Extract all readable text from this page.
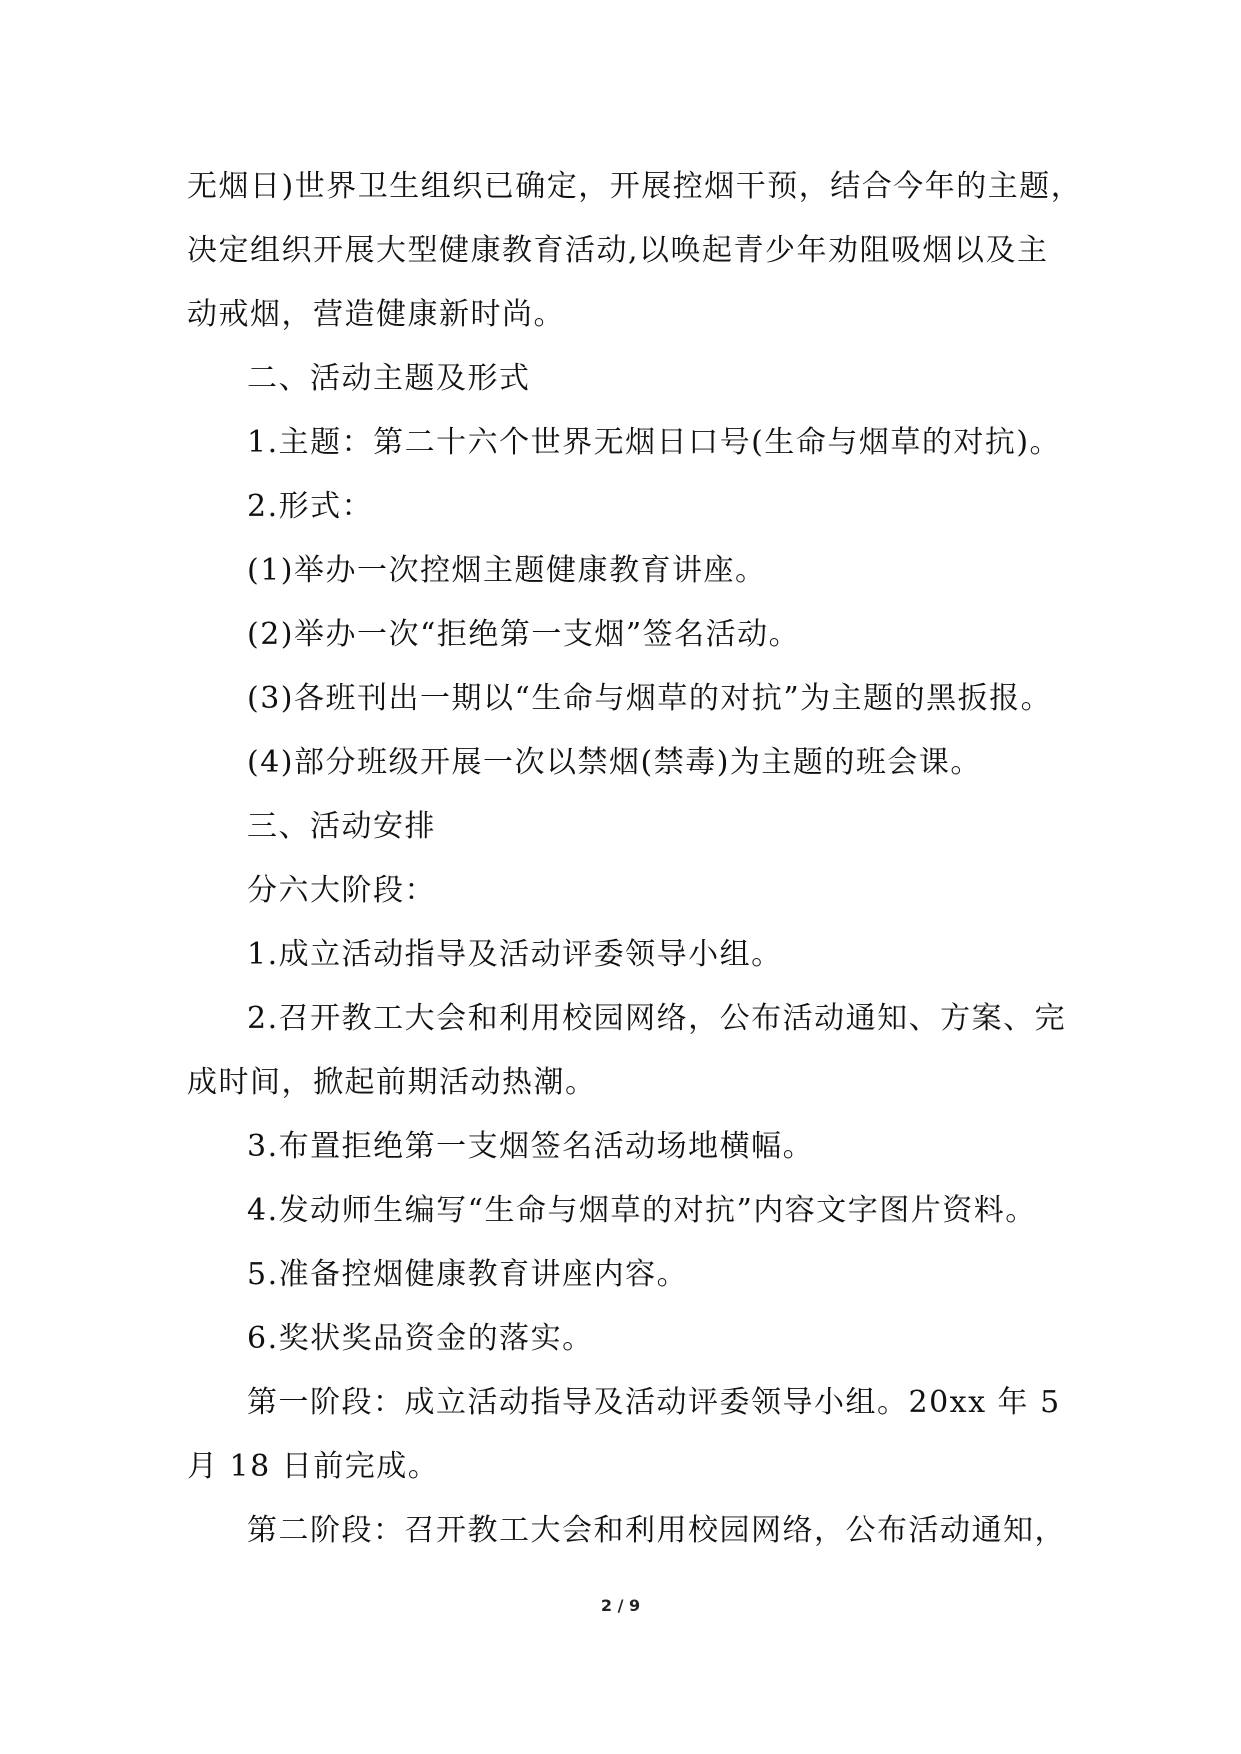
无烟日)世界卫生组织已确定，开展控烟干预，结合今年的主题，
决定组织开展大型健康教育活动,以唤起青少年劝阻吸烟以及主
动戒烟，营造健康新时尚。
二、活动主题及形式
1.主题：第二十六个世界无烟日口号(生命与烟草的对抗)。
2.形式：
(1)举办一次控烟主题健康教育讲座。
(2)举办一次“拒绝第一支烟”签名活动。
(3)各班刊出一期以“生命与烟草的对抗”为主题的黑扳报。
(4)部分班级开展一次以禁烟(禁毒)为主题的班会课。
三、活动安排
分六大阶段：
1.成立活动指导及活动评委领导小组。
2.召开教工大会和利用校园网络，公布活动通知、方案、完
成时间，掀起前期活动热潮。
3.布置拒绝第一支烟签名活动场地横幅。
4.发动师生编写“生命与烟草的对抗”内容文字图片资料。
5.准备控烟健康教育讲座内容。
6.奖状奖品资金的落实。
第一阶段：成立活动指导及活动评委领导小组。20xx 年 5
月 18 日前完成。
第二阶段：召开教工大会和利用校园网络，公布活动通知，
2 / 9
